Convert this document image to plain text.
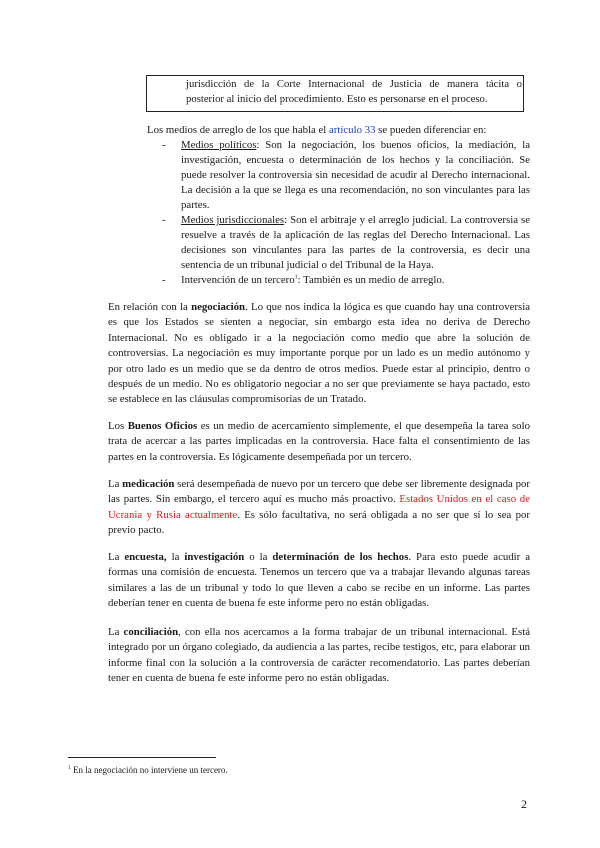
jurisdicción de la Corte Internacional de Justicia de manera tácita o

posterior al inicio del procedimiento. Esto es personarse en el proceso.

Los medios de arreglo de los que habla el artículo 33 se pueden diferenciar en:

- Medios políticos: Son la negociación, los buenos oficios, la mediación, la investigación, encuesta o determinación de los hechos y la conciliación. Se puede resolver la controversia sin necesidad de acudir al Derecho internacional. La decisión a la que se llega es una recomendación, no son vinculantes para las partes.
- Medios jurisdiccionales: Son el arbitraje y el arreglo judicial. La controversia se resuelve a través de la aplicación de las reglas del Derecho Internacional. Las decisiones son vinculantes para las partes de la controversia, es decir una sentencia de un tribunal judicial o del Tribunal de la Haya.
- Intervención de un tercero$^1$: También es un medio de arreglo.

En relación con la negociación. Lo que nos indica la lógica es que cuando hay una controversia es que los Estados se sienten a negociar, sin embargo esta idea no deriva de Derecho Internacional. No es obligado ir a la negociación como medio que abre la solución de controversias. La negociación es muy importante porque por un lado es un medio autónomo y por otro lado es un medio que se da dentro de otros medios. Puede estar al principio, dentro o después de un medio. No es obligatorio negociar a no ser que previamente se haya pactado, esto se establece en las cláusulas compromisorias de un Tratado.

Los Buenos Oficios es un medio de acercamiento simplemente, el que desempeña la tarea solo trata de acercar a las partes implicadas en la controversia. Hace falta el consentimiento de las partes en la controversia. Es lógicamente desempeñada por un tercero.

La medicación será desempeñada de nuevo por un tercero que debe ser libremente designada por las partes. Sin embargo, el tercero aquí es mucho más proactivo. Estados Unidos en el caso de Ucrania y Rusia actualmente. Es sólo facultativa, no será obligada a no ser que sí lo sea por previo pacto.

La encuesta, la investigación o la determinación de los hechos. Para esto puede acudir a formas una comisión de encuesta. Tenemos un tercero que va a trabajar llevando algunas tareas similares a las de un tribunal y todo lo que lleven a cabo se recibe en un informe. Las partes deberían tener en cuenta de buena fe este informe pero no están obligadas.

La conciliación, con ella nos acercamos a la forma trabajar de un tribunal internacional. Está integrado por un órgano colegiado, da audiencia a las partes, recibe testigos, etc, para elaborar un informe final con la solución a la controversia de carácter recomendatorio. Las partes deberían tener en cuenta de buena fe este informe pero no están obligadas.

$^1$ En la negociación no interviene un tercero.

2
